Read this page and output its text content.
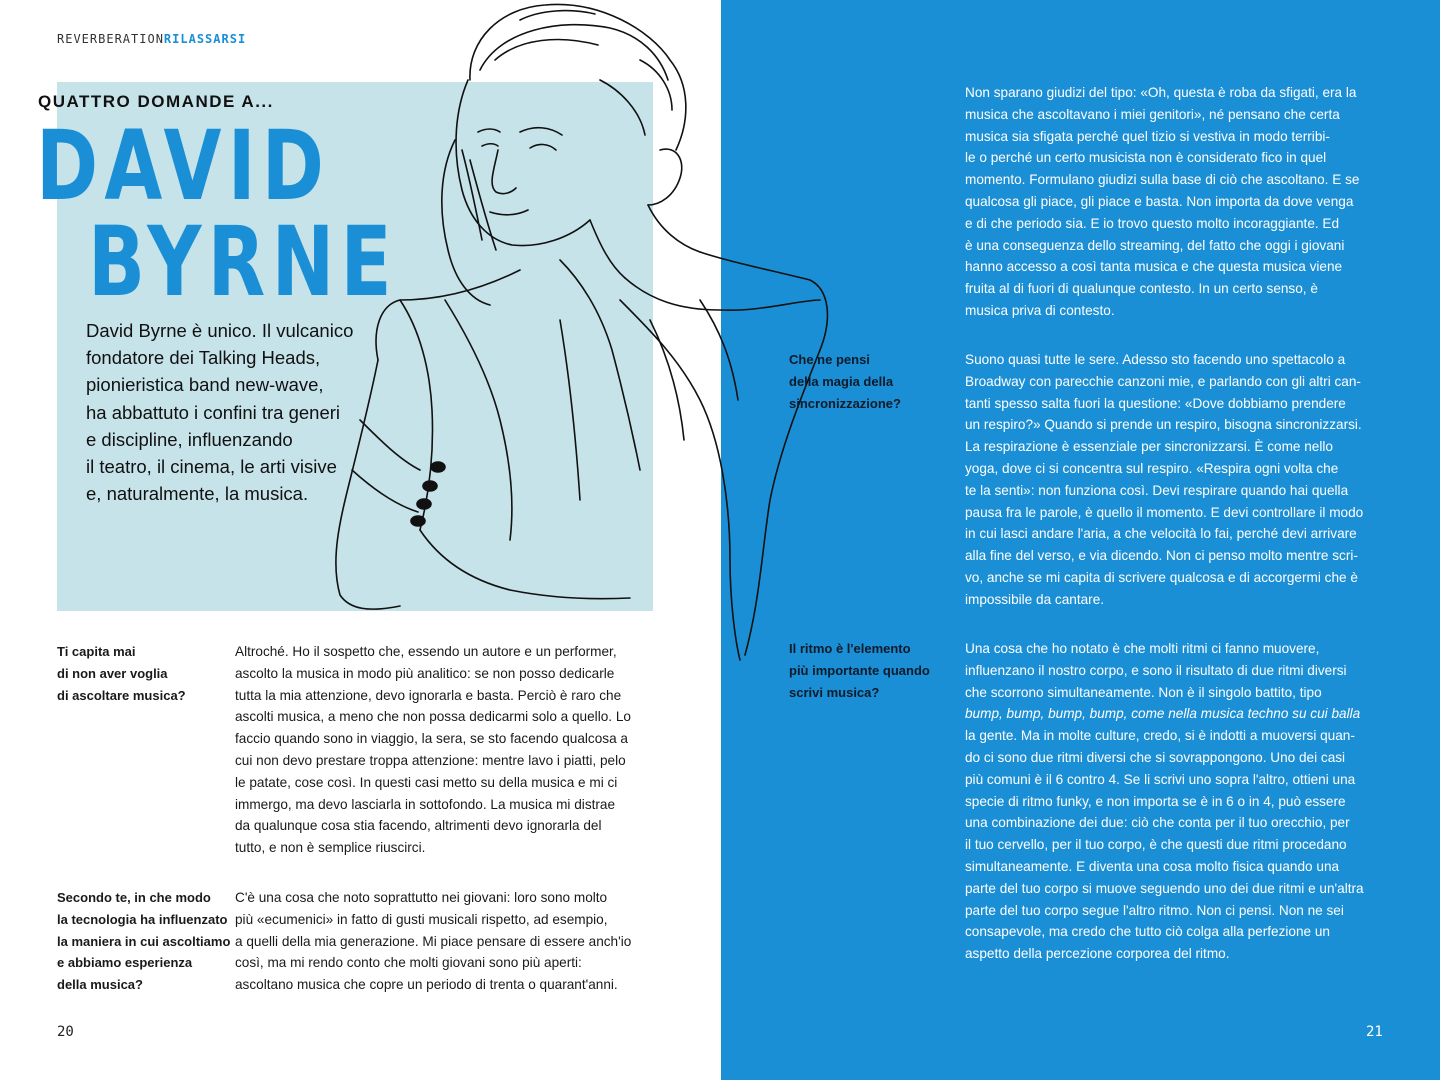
REVERBERATIONRILASSARSI
QUATTRO DOMANDE A...
DAVID
BYRNE
David Byrne è unico. Il vulcanico
fondatore dei Talking Heads,
pionieristica band new-wave,
ha abbattuto i confini tra generi
e discipline, influenzando
il teatro, il cinema, le arti visive
e, naturalmente, la musica.
Ti capita mai
di non aver voglia
di ascoltare musica?
Altroché. Ho il sospetto che, essendo un autore e un performer,
ascolto la musica in modo più analitico: se non posso dedicarle
tutta la mia attenzione, devo ignorarla e basta. Perciò è raro che
ascolti musica, a meno che non possa dedicarmi solo a quello. Lo
faccio quando sono in viaggio, la sera, se sto facendo qualcosa a
cui non devo prestare troppa attenzione: mentre lavo i piatti, pelo
le patate, cose così. In questi casi metto su della musica e mi ci
immergo, ma devo lasciarla in sottofondo. La musica mi distrae
da qualunque cosa stia facendo, altrimenti devo ignorarla del
tutto, e non è semplice riuscirci.
Secondo te, in che modo
la tecnologia ha influenzato
la maniera in cui ascoltiamo
e abbiamo esperienza
della musica?
C'è una cosa che noto soprattutto nei giovani: loro sono molto
più «ecumenici» in fatto di gusti musicali rispetto, ad esempio,
a quelli della mia generazione. Mi piace pensare di essere anch'io
così, ma mi rendo conto che molti giovani sono più aperti:
ascoltano musica che copre un periodo di trenta o quarant'anni.
Non sparano giudizi del tipo: «Oh, questa è roba da sfigati, era la
musica che ascoltavano i miei genitori», né pensano che certa
musica sia sfigata perché quel tizio si vestiva in modo terribi-
le o perché un certo musicista non è considerato fico in quel
momento. Formulano giudizi sulla base di ciò che ascoltano. E se
qualcosa gli piace, gli piace e basta. Non importa da dove venga
e di che periodo sia. E io trovo questo molto incoraggiante. Ed
è una conseguenza dello streaming, del fatto che oggi i giovani
hanno accesso a così tanta musica e che questa musica viene
fruita al di fuori di qualunque contesto. In un certo senso, è
musica priva di contesto.
Che ne pensi
della magia della
sincronizzazione?
Suono quasi tutte le sere. Adesso sto facendo uno spettacolo a
Broadway con parecchie canzoni mie, e parlando con gli altri can-
tanti spesso salta fuori la questione: «Dove dobbiamo prendere
un respiro?» Quando si prende un respiro, bisogna sincronizzarsi.
La respirazione è essenziale per sincronizzarsi. È come nello
yoga, dove ci si concentra sul respiro. «Respira ogni volta che
te la senti»: non funziona così. Devi respirare quando hai quella
pausa fra le parole, è quello il momento. E devi controllare il modo
in cui lasci andare l'aria, a che velocità lo fai, perché devi arrivare
alla fine del verso, e via dicendo. Non ci penso molto mentre scri-
vo, anche se mi capita di scrivere qualcosa e di accorgermi che è
impossibile da cantare.
Il ritmo è l'elemento
più importante quando
scrivi musica?
Una cosa che ho notato è che molti ritmi ci fanno muovere,
influenzano il nostro corpo, e sono il risultato di due ritmi diversi
che scorrono simultaneamente. Non è il singolo battito, tipo
bump, bump, bump, bump, come nella musica techno su cui balla
la gente. Ma in molte culture, credo, si è indotti a muoversi quan-
do ci sono due ritmi diversi che si sovrappongono. Uno dei casi
più comuni è il 6 contro 4. Se li scrivi uno sopra l'altro, ottieni una
specie di ritmo funky, e non importa se è in 6 o in 4, può essere
una combinazione dei due: ciò che conta per il tuo orecchio, per
il tuo cervello, per il tuo corpo, è che questi due ritmi procedano
simultaneamente. E diventa una cosa molto fisica quando una
parte del tuo corpo si muove seguendo uno dei due ritmi e un'altra
parte del tuo corpo segue l'altro ritmo. Non ci pensi. Non ne sei
consapevole, ma credo che tutto ciò colga alla perfezione un
aspetto della percezione corporea del ritmo.
20	21
